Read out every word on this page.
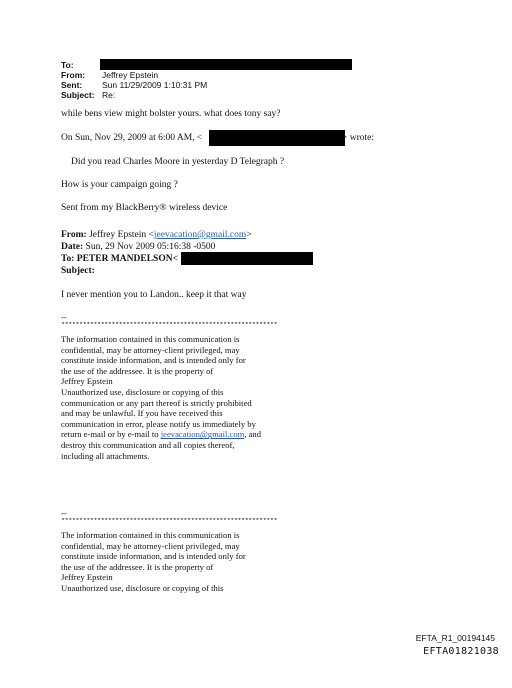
To:
From: Jeffrey Epstein
Sent: Sun 11/29/2009 1:10:31 PM
Subject: Re:
while bens view might bolster yours. what does tony say?
On Sun, Nov 29, 2009 at 6:00 AM, <	> wrote:
Did you read Charles Moore in yesterday D Telegraph ?
How is your campaign going ?
Sent from my BlackBerry® wireless device
From: Jeffrey Epstein <jeevacation@gmail.com>
Date: Sun, 29 Nov 2009 05:16:38 -0500
To: PETER MANDELSON<
Subject:
I never mention you to Landon.. keep it that way
--
************************************************************
The information contained in this communication is
confidential, may be attorney-client privileged, may
constitute inside information, and is intended only for
the use of the addressee. It is the property of
Jeffrey Epstein
Unauthorized use, disclosure or copying of this
communication or any part thereof is strictly prohibited
and may be unlawful. If you have received this
communication in error, please notify us immediately by
return e-mail or by e-mail to jeevacation@gmail.com, and
destroy this communication and all copies thereof,
including all attachments.
--
************************************************************
The information contained in this communication is
confidential, may be attorney-client privileged, may
constitute inside information, and is intended only for
the use of the addressee. It is the property of
Jeffrey Epstein
Unauthorized use, disclosure or copying of this
EFTA_R1_00194145
EFTA01821038
